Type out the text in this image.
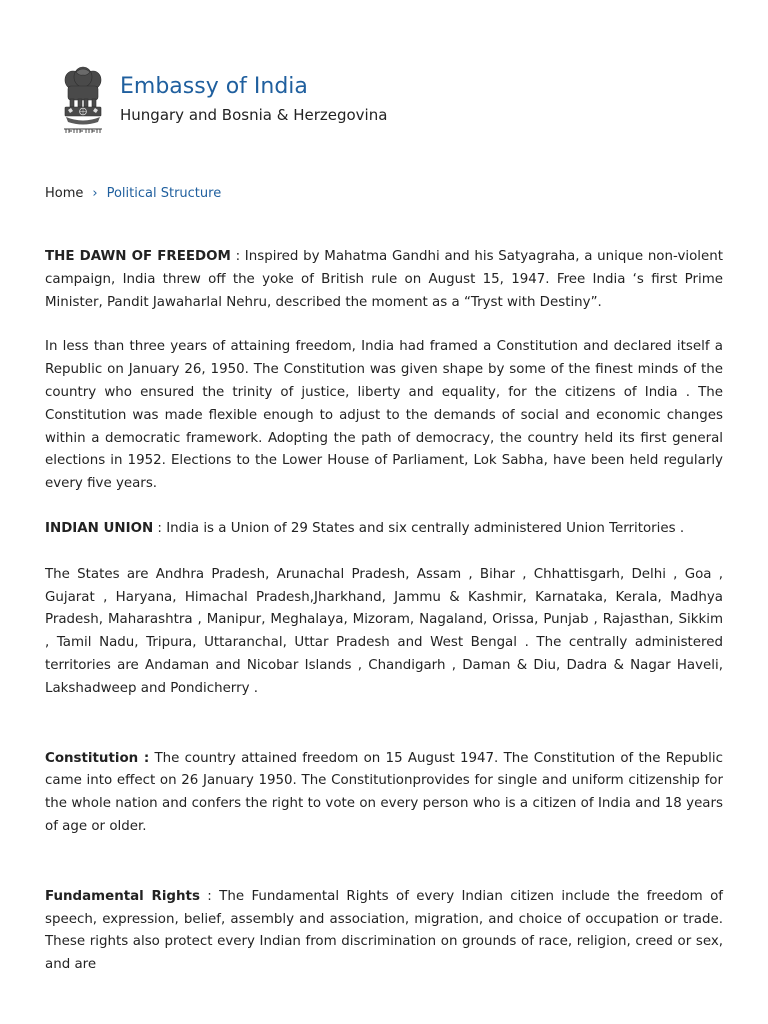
Embassy of India
Hungary and Bosnia & Herzegovina
Home › Political Structure

THE DAWN OF FREEDOM : Inspired by Mahatma Gandhi and his Satyagraha, a unique non-violent campaign, India threw off the yoke of British rule on August 15, 1947. Free India ‘s first Prime Minister, Pandit Jawaharlal Nehru, described the moment as a “Tryst with Destiny”.

In less than three years of attaining freedom, India had framed a Constitution and declared itself a Republic on January 26, 1950. The Constitution was given shape by some of the finest minds of the country who ensured the trinity of justice, liberty and equality, for the citizens of India . The Constitution was made flexible enough to adjust to the demands of social and economic changes within a democratic framework. Adopting the path of democracy, the country held its first general elections in 1952. Elections to the Lower House of Parliament, Lok Sabha, have been held regularly every five years.

INDIAN UNION : India is a Union of 29 States and six centrally administered Union Territories .

The States are Andhra Pradesh, Arunachal Pradesh, Assam , Bihar , Chhattisgarh, Delhi , Goa , Gujarat , Haryana, Himachal Pradesh,Jharkhand, Jammu & Kashmir, Karnataka, Kerala, Madhya Pradesh, Maharashtra , Manipur, Meghalaya, Mizoram, Nagaland, Orissa, Punjab , Rajasthan, Sikkim , Tamil Nadu, Tripura, Uttaranchal, Uttar Pradesh and West Bengal . The centrally administered territories are Andaman and Nicobar Islands , Chandigarh , Daman & Diu, Dadra & Nagar Haveli, Lakshadweep and Pondicherry .

Constitution : The country attained freedom on 15 August 1947. The Constitution of the Republic came into effect on 26 January 1950. The Constitutionprovides for single and uniform citizenship for the whole nation and confers the right to vote on every person who is a citizen of India and 18 years of age or older.

Fundamental Rights : The Fundamental Rights of every Indian citizen include the freedom of speech, expression, belief, assembly and association, migration, and choice of occupation or trade. These rights also protect every Indian from discrimination on grounds of race, religion, creed or sex, and are
